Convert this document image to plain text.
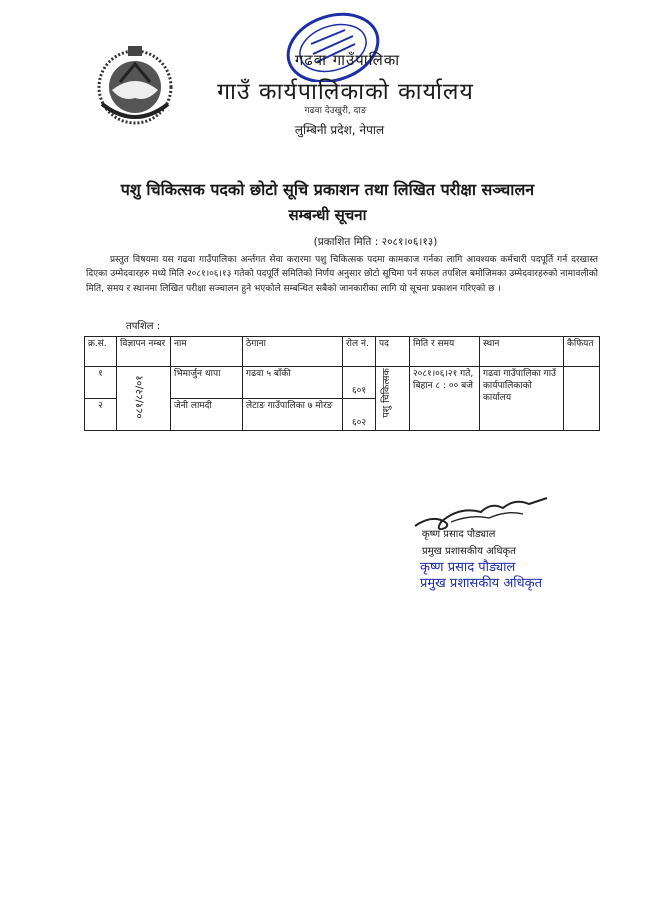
गढवा गाउँपालिका
गाउँ कार्यपालिकाको कार्यालय
गढवा देउखुरी, दाङ
लुम्बिनी प्रदेश, नेपाल
पशु चिकित्सक पदको छोटो सूचि प्रकाशन तथा लिखित परीक्षा सञ्चालन
सम्बन्धी सूचना
(प्रकाशित मिति : २०८१।०६।१३)
प्रस्तुत विषयमा यस गढवा गाउँपालिका अर्न्तगत सेवा करारमा पशु चिकित्सक पदमा कामकाज गर्नका लागि आवश्यक कर्मचारी पदपूर्ति गर्न दरखास्त दिएका उम्मेदवारहरु मध्ये मिति २०८१।०६।१३ गतेको पदपूर्ति समितिको निर्णय अनुसार छोटो सूचिमा पर्न सफल तपशिल बमोजिमका उम्मेदवारहरुको नामावलीको मिति, समय र स्थानमा लिखित परीक्षा सञ्चालन हुने भएकोले सम्बन्धित सबैको जानकारीका लागि यो सूचना प्रकाशन गरिएको छ ।
तपशिल :
क्र.सं.	विज्ञापन नम्बर	नाम	ठेगाना	रोल नं.	पद	मिति र समय	स्थान	कैफियत
१	०८१/८२/०१	भिमार्जुन थापा	गढवा ५ बाँकी	६०१	पशु चिकित्सक	२०८१।०६।२१ गते, बिहान ८ : ०० बजे	गढवा गाउँपालिका गाउँ कार्यपालिकाको कार्यालय	
२		जेनी लामदी	लेटाङ गाउँपालिका ७ मोरङ	६०२				
कृष्ण प्रसाद पौड्याल
प्रमुख प्रशासकीय अधिकृत
कृष्ण प्रसाद पौड्याल
प्रमुख प्रशासकीय अधिकृत
